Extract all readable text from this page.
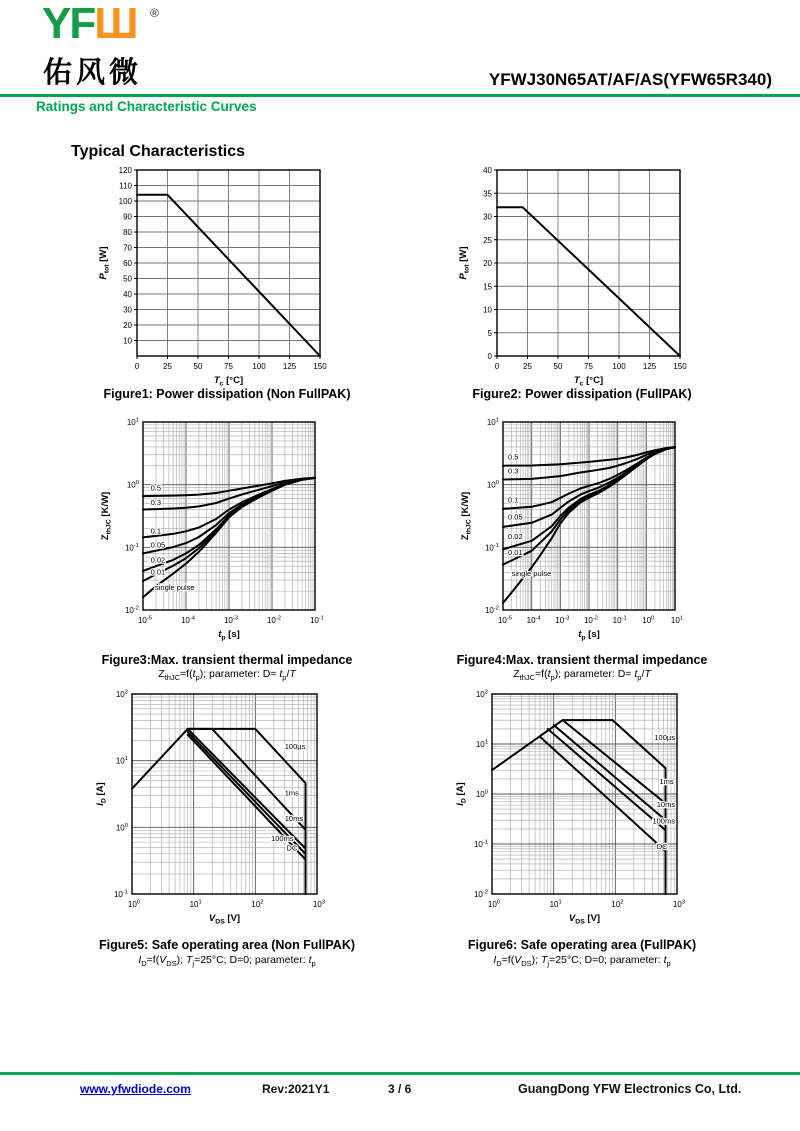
YFШ ®
佑风微	YFWJ30N65AT/AF/AS(YFW65R340)
Ratings and Characteristic Curves
Typical Characteristics
0	25	50	75 100 125 150
10
20
30
40
50
60
70
80
90
100
110
120
$T_c$ [°C]
$P_{tot}$ [W]
0	25	50	75 100 125 150
0
5
10
15
20
25
30
35
40
$T_c$ [°C]
$P_{tot}$ [W]
Figure1: Power dissipation (Non FullPAK)	Figure2: Power dissipation (FullPAK)
$10^{-5}$	$10^{-4}$	$10^{-3}$	$10^{-2}$	$10^{-1}$
$10^{-2}$
$10^{-1}$
$10^0$
$10^1$
0.5
0.3
0.1
0.05
0.02
0.01
single pulse
$t_p$ [s]
$Z_{thJC}$ [K/W]
$10^{-5}$ $10^{-4}$ $10^{-3}$ $10^{-2}$ $10^{-1}$ $10^0$ $10^1$
$10^{-2}$
$10^{-1}$
$10^0$
$10^1$
0.5
0.3
0.1
0.05
0.02
0.01
single pulse
$t_p$ [s]
$Z_{thJC}$ [K/W]
Figure3:Max. transient thermal impedance	Figure4:Max. transient thermal impedance
$Z_{thJC}=f(t_p)$; parameter: $D= t_p/T$	$Z_{thJC}=f(t_p)$; parameter: $D= t_p/T$
$10^0$	$10^1$	$10^2$	$10^3$
$10^{-1}$
$10^0$
$10^1$
$10^2$
100µs
1ms
10ms
100ms
DC
$V_{DS}$ [V]
$I_D$ [A]
$10^0$	$10^1$	$10^2$	$10^3$
$10^{-2}$
$10^{-1}$
$10^0$
$10^1$
$10^2$
100µs
1ms
10ms
100ms
DC
$V_{DS}$ [V]
$I_D$ [A]
Figure5: Safe operating area (Non FullPAK)	Figure6: Safe operating area (FullPAK)
$I_D=f(V_{DS})$; $T_j=25^\circ C$; D=0; parameter: $t_p$	$I_D=f(V_{DS})$; $T_j=25^\circ C$; D=0; parameter: $t_p$
www.yfwdiode.com	Rev:2021Y1	3 / 6	GuangDong YFW Electronics Co, Ltd.
